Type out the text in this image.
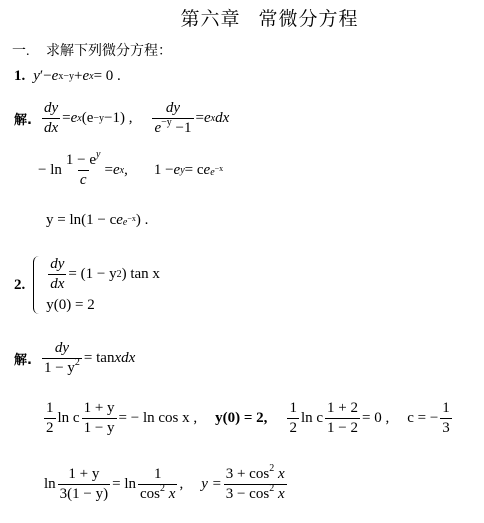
第六章 常微分方程
一. 求解下列微分方程：
1. y ′− e x−y + e x = 0 .
解. $\frac{dy}{dx} = e$ x (e −y −1) , $\frac{dy}{e^{-y} -1} = e$ x dx
− $\ln \frac{1 - e^y}{c} = e$ x , 1 − e y = c e $e^{-x}$
y = ln(1 − c e $e^{-x}$ ) .
2. $\frac{dy}{dx} = (1 - y$ 2 ) tan x
y(0) = 2
解. $\frac{dy}{1 - y^2} = \tan$ xdx
$\frac{1}{2}$ ln c $\frac{1 + y}{1 - y}$ = − ln cos x , y(0) = 2, $\frac{1}{2}$ ln c $\frac{1 + 2}{1 - 2} = 0$ , c = − $\frac{1}{3}$
$\ln \frac{1 + y}{3(1 - y)} = \ln \frac{1}{\cos^2 x}$ , $y = \frac{3 + \cos^2 x}{3 - \cos^2 x}$
